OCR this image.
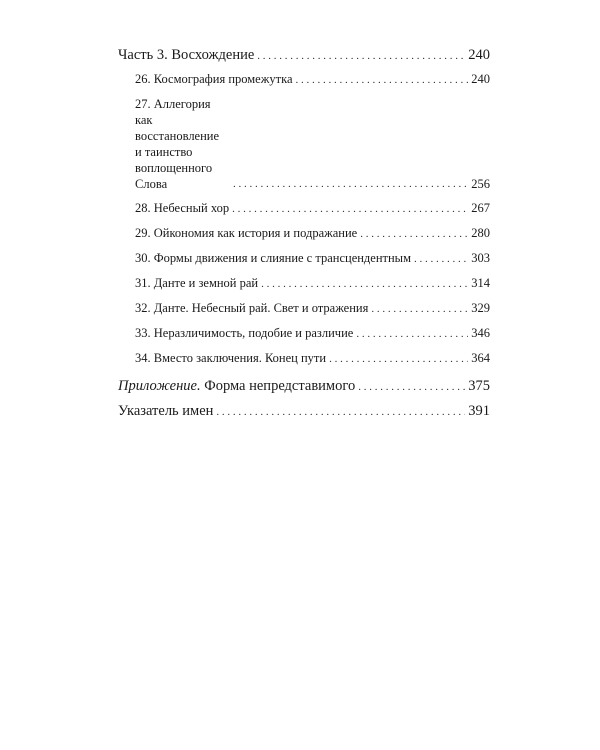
Часть 3. Восхождение . . .	240
26. Космография промежутка . . .	240
27. Аллегория как восстановление
и таинство воплощенного Слова . . .	256
28. Небесный хор . . .	267
29. Ойкономия как история и подражание . . .	280
30. Формы движения и слияние с трансцендентным . . .	303
31. Данте и земной рай . . .	314
32. Данте. Небесный рай. Свет и отражения . . .	329
33. Неразличимость, подобие и различие . . .	346
34. Вместо заключения. Конец пути . . .	364
Приложение. Форма непредставимого . . .	375
Указатель имен . . .	391
